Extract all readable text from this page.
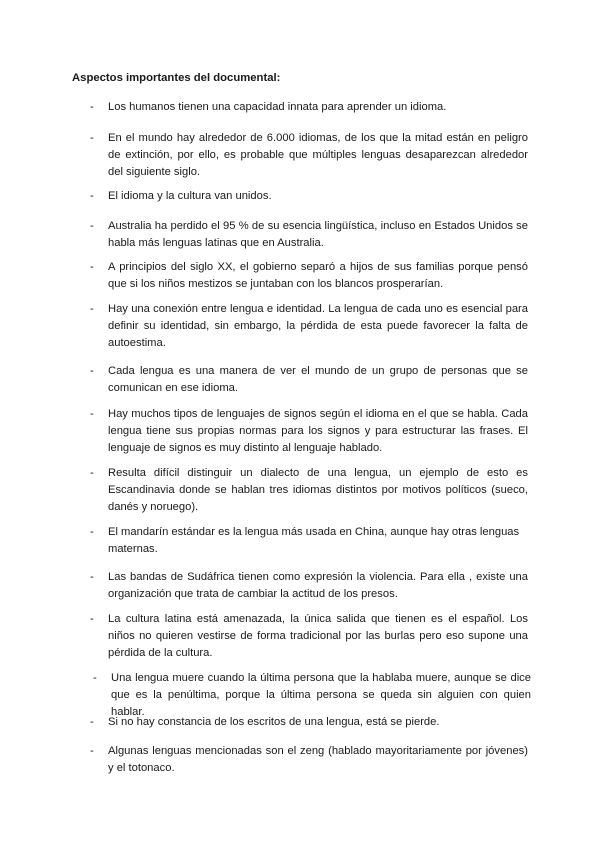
Aspectos importantes del documental:

-	Los humanos tienen una capacidad innata para aprender un idioma.
-	En el mundo hay alrededor de 6.000 idiomas, de los que la mitad están en peligro de extinción, por ello, es probable que múltiples lenguas desaparezcan alrededor del siguiente siglo.
-	El idioma y la cultura van unidos.
-	Australia ha perdido el 95 % de su esencia lingüística, incluso en Estados Unidos se habla más lenguas latinas que en Australia.
-	A principios del siglo XX, el gobierno separó a hijos de sus familias porque pensó que si los niños mestizos se juntaban con los blancos prosperarían.
-	Hay una conexión entre lengua e identidad. La lengua de cada uno es esencial para definir su identidad, sin embargo, la pérdida de esta puede favorecer la falta de autoestima.
-	Cada lengua es una manera de ver el mundo de un grupo de personas que se comunican en ese idioma.
-	Hay muchos tipos de lenguajes de signos según el idioma en el que se habla. Cada lengua tiene sus propias normas para los signos y para estructurar las frases. El lenguaje de signos es muy distinto al lenguaje hablado.
-	Resulta difícil distinguir un dialecto de una lengua, un ejemplo de esto es Escandinavia donde se hablan tres idiomas distintos por motivos políticos (sueco, danés y noruego).
-	El mandarín estándar es la lengua más usada en China, aunque hay otras lenguas maternas.
-	Las bandas de Sudáfrica tienen como expresión la violencia. Para ella , existe una organización que trata de cambiar la actitud de los presos.
-	La cultura latina está amenazada, la única salida que tienen es el español. Los niños no quieren vestirse de forma tradicional por las burlas pero eso supone una pérdida de la cultura.
-	Una lengua muere cuando la última persona que la hablaba muere, aunque se dice que es la penúltima, porque la última persona se queda sin alguien con quien hablar.
-	Si no hay constancia de los escritos de una lengua, está se pierde.
-	Algunas lenguas mencionadas son el zeng (hablado mayoritariamente por jóvenes) y el totonaco.
